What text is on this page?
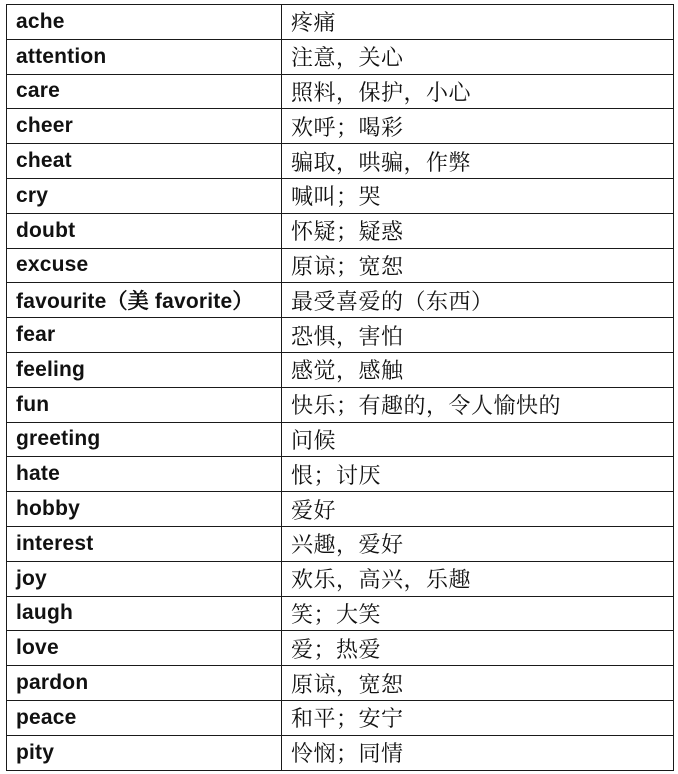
ache	疼痛
attention	注意，关心
care	照料，保护，小心
cheer	欢呼；喝彩
cheat	骗取，哄骗，作弊
cry	喊叫；哭
doubt	怀疑；疑惑
excuse	原谅；宽恕
favourite（美 favorite）	最受喜爱的（东西）
fear	恐惧，害怕
feeling	感觉，感触
fun	快乐；有趣的，令人愉快的
greeting	问候
hate	恨；讨厌
hobby	爱好
interest	兴趣，爱好
joy	欢乐，高兴，乐趣
laugh	笑；大笑
love	爱；热爱
pardon	原谅，宽恕
peace	和平；安宁
pity	怜悯；同情
